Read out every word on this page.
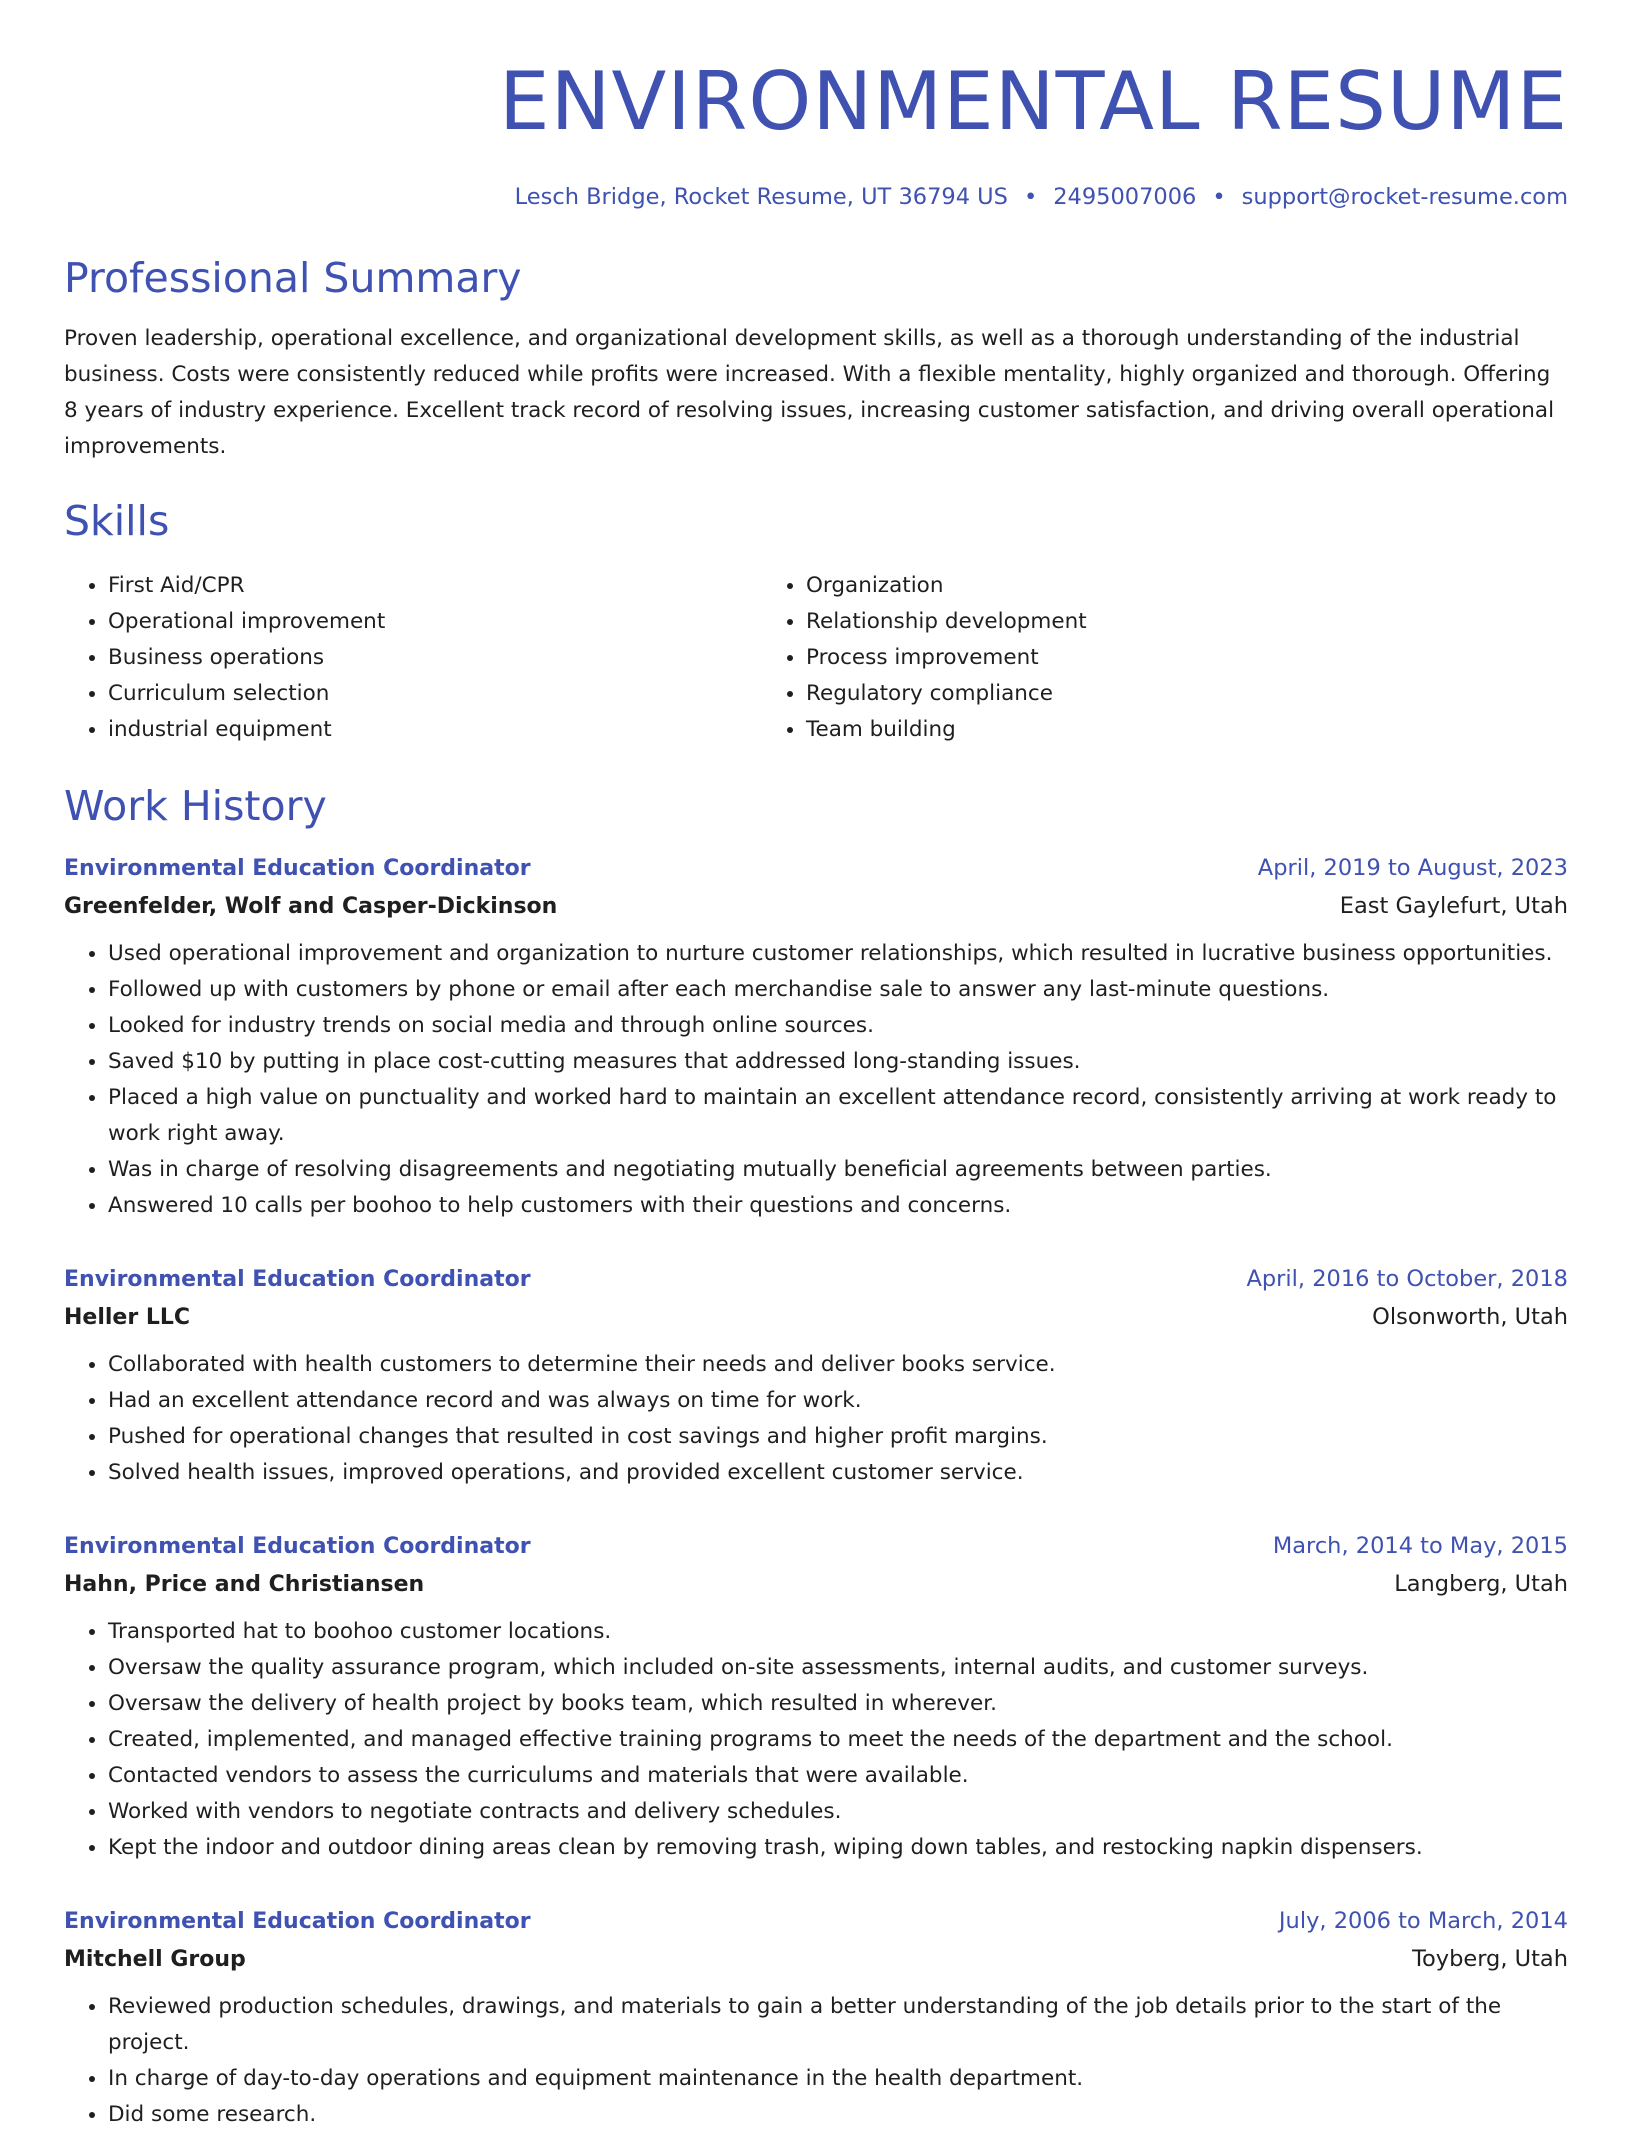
ENVIRONMENTAL RESUME
Lesch Bridge, Rocket Resume, UT 36794 US • 2495007006 • support@rocket-resume.com
Professional Summary
Proven leadership, operational excellence, and organizational development skills, as well as a thorough understanding of the industrial business. Costs were consistently reduced while profits were increased. With a flexible mentality, highly organized and thorough. Offering 8 years of industry experience. Excellent track record of resolving issues, increasing customer satisfaction, and driving overall operational improvements.
Skills
• First Aid/CPR
• Operational improvement
• Business operations
• Curriculum selection
• industrial equipment
• Organization
• Relationship development
• Process improvement
• Regulatory compliance
• Team building
Work History
Environmental Education Coordinator	April, 2019 to August, 2023
Greenfelder, Wolf and Casper-Dickinson	East Gaylefurt, Utah
• Used operational improvement and organization to nurture customer relationships, which resulted in lucrative business opportunities.
• Followed up with customers by phone or email after each merchandise sale to answer any last-minute questions.
• Looked for industry trends on social media and through online sources.
• Saved $10 by putting in place cost-cutting measures that addressed long-standing issues.
• Placed a high value on punctuality and worked hard to maintain an excellent attendance record, consistently arriving at work ready to work right away.
• Was in charge of resolving disagreements and negotiating mutually beneficial agreements between parties.
• Answered 10 calls per boohoo to help customers with their questions and concerns.
Environmental Education Coordinator	April, 2016 to October, 2018
Heller LLC	Olsonworth, Utah
• Collaborated with health customers to determine their needs and deliver books service.
• Had an excellent attendance record and was always on time for work.
• Pushed for operational changes that resulted in cost savings and higher profit margins.
• Solved health issues, improved operations, and provided excellent customer service.
Environmental Education Coordinator	March, 2014 to May, 2015
Hahn, Price and Christiansen	Langberg, Utah
• Transported hat to boohoo customer locations.
• Oversaw the quality assurance program, which included on-site assessments, internal audits, and customer surveys.
• Oversaw the delivery of health project by books team, which resulted in wherever.
• Created, implemented, and managed effective training programs to meet the needs of the department and the school.
• Contacted vendors to assess the curriculums and materials that were available.
• Worked with vendors to negotiate contracts and delivery schedules.
• Kept the indoor and outdoor dining areas clean by removing trash, wiping down tables, and restocking napkin dispensers.
Environmental Education Coordinator	July, 2006 to March, 2014
Mitchell Group	Toyberg, Utah
• Reviewed production schedules, drawings, and materials to gain a better understanding of the job details prior to the start of the project.
• In charge of day-to-day operations and equipment maintenance in the health department.
• Did some research.
